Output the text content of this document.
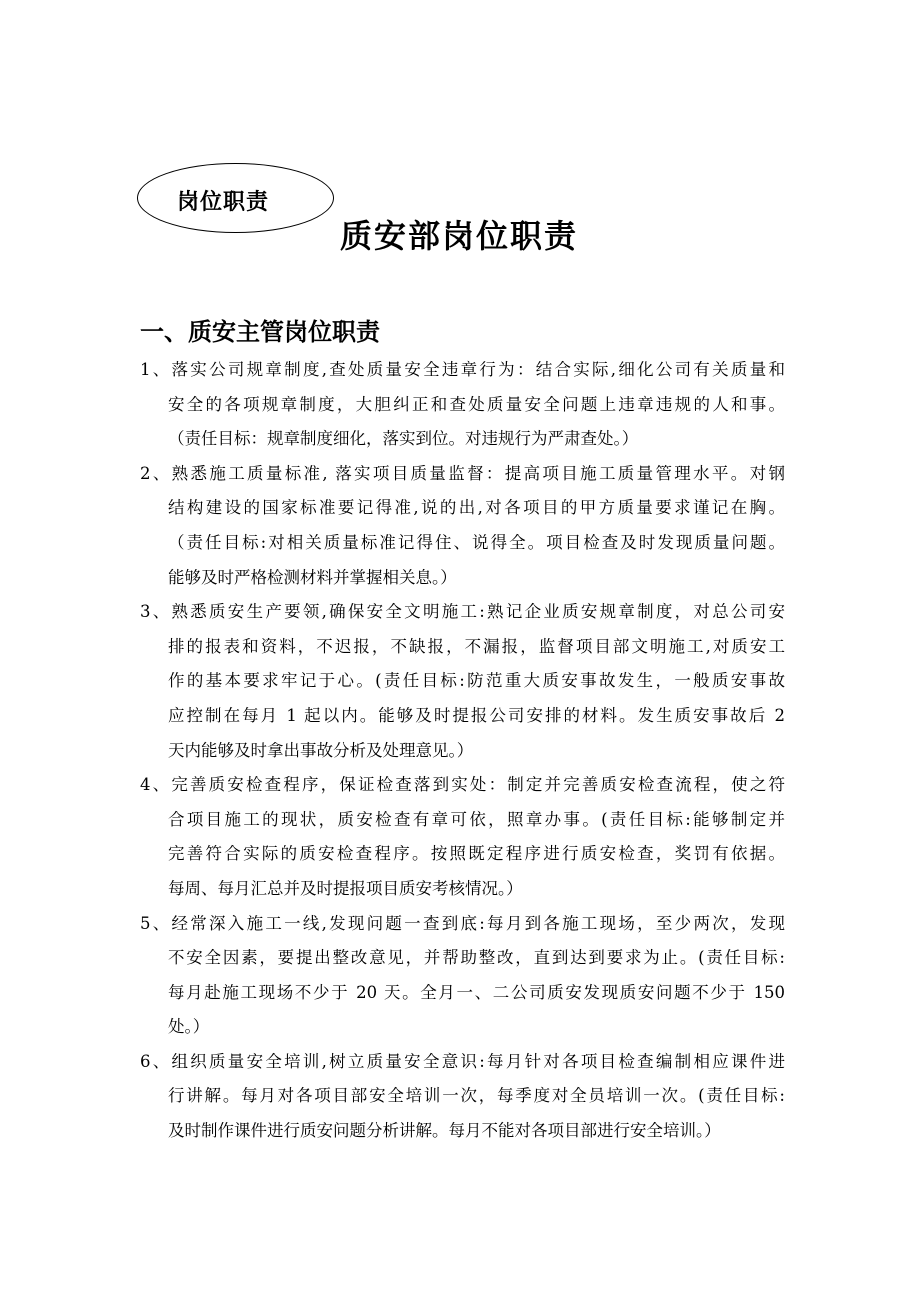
岗位职责
质安部岗位职责
一、质安主管岗位职责
1、落实公司规章制度,查处质量安全违章行为：结合实际,细化公司有关质量和
安全的各项规章制度，大胆纠正和查处质量安全问题上违章违规的人和事。
（责任目标：规章制度细化，落实到位。对违规行为严肃查处。）
2、熟悉施工质量标准, 落实项目质量监督：提高项目施工质量管理水平。对钢
结构建设的国家标准要记得准,说的出,对各项目的甲方质量要求谨记在胸。
（责任目标:对相关质量标准记得住、说得全。项目检查及时发现质量问题。
能够及时严格检测材料并掌握相关息。）
3、熟悉质安生产要领,确保安全文明施工:熟记企业质安规章制度，对总公司安
排的报表和资料，不迟报，不缺报，不漏报，监督项目部文明施工,对质安工
作的基本要求牢记于心。(责任目标:防范重大质安事故发生，一般质安事故
应控制在每月 1 起以内。能够及时提报公司安排的材料。发生质安事故后 2
天内能够及时拿出事故分析及处理意见。）
4、完善质安检查程序，保证检查落到实处：制定并完善质安检查流程，使之符
合项目施工的现状，质安检查有章可依，照章办事。(责任目标:能够制定并
完善符合实际的质安检查程序。按照既定程序进行质安检查，奖罚有依据。
每周、每月汇总并及时提报项目质安考核情况。）
5、经常深入施工一线,发现问题一查到底:每月到各施工现场，至少两次，发现
不安全因素，要提出整改意见，并帮助整改，直到达到要求为止。(责任目标:
每月赴施工现场不少于 20 天。全月一、二公司质安发现质安问题不少于 150
处。）
6、组织质量安全培训,树立质量安全意识:每月针对各项目检查编制相应课件进
行讲解。每月对各项目部安全培训一次，每季度对全员培训一次。(责任目标:
及时制作课件进行质安问题分析讲解。每月不能对各项目部进行安全培训。）
